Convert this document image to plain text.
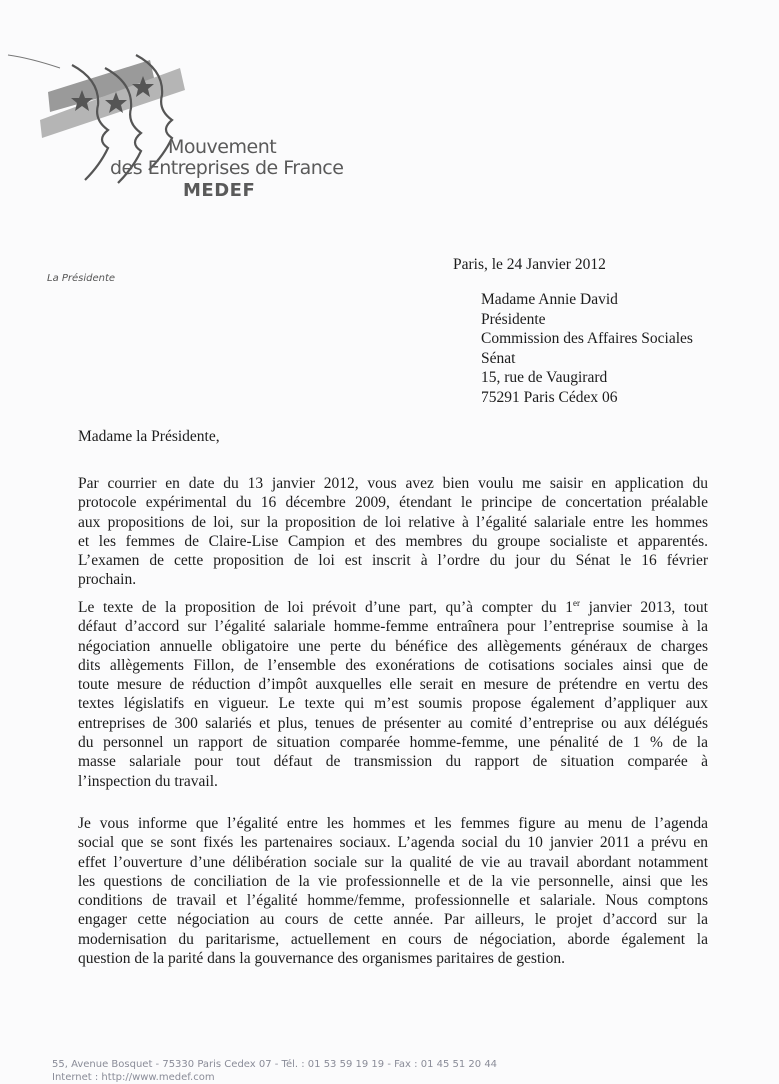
Mouvement
des Entreprises de France
MEDEF
La Présidente
Paris, le 24 Janvier 2012
Madame Annie David
Présidente
Commission des Affaires Sociales
Sénat
15, rue de Vaugirard
75291 Paris Cédex 06
Madame la Présidente,
Par courrier en date du 13 janvier 2012, vous avez bien voulu me saisir en application du
protocole expérimental du 16 décembre 2009, étendant le principe de concertation préalable
aux propositions de loi, sur la proposition de loi relative à l’égalité salariale entre les hommes
et les femmes de Claire-Lise Campion et des membres du groupe socialiste et apparentés.
L’examen de cette proposition de loi est inscrit à l’ordre du jour du Sénat le 16 février
prochain.
Le texte de la proposition de loi prévoit d’une part, qu’à compter du 1er janvier 2013, tout
défaut d’accord sur l’égalité salariale homme-femme entraînera pour l’entreprise soumise à la
négociation annuelle obligatoire une perte du bénéfice des allègements généraux de charges
dits allègements Fillon, de l’ensemble des exonérations de cotisations sociales ainsi que de
toute mesure de réduction d’impôt auxquelles elle serait en mesure de prétendre en vertu des
textes législatifs en vigueur. Le texte qui m’est soumis propose également d’appliquer aux
entreprises de 300 salariés et plus, tenues de présenter au comité d’entreprise ou aux délégués
du personnel un rapport de situation comparée homme-femme, une pénalité de 1 % de la
masse salariale pour tout défaut de transmission du rapport de situation comparée à
l’inspection du travail.
Je vous informe que l’égalité entre les hommes et les femmes figure au menu de l’agenda
social que se sont fixés les partenaires sociaux. L’agenda social du 10 janvier 2011 a prévu en
effet l’ouverture d’une délibération sociale sur la qualité de vie au travail abordant notamment
les questions de conciliation de la vie professionnelle et de la vie personnelle, ainsi que les
conditions de travail et l’égalité homme/femme, professionnelle et salariale. Nous comptons
engager cette négociation au cours de cette année. Par ailleurs, le projet d’accord sur la
modernisation du paritarisme, actuellement en cours de négociation, aborde également la
question de la parité dans la gouvernance des organismes paritaires de gestion.
55, Avenue Bosquet - 75330 Paris Cedex 07 - Tél. : 01 53 59 19 19 - Fax : 01 45 51 20 44
Internet : http://www.medef.com
